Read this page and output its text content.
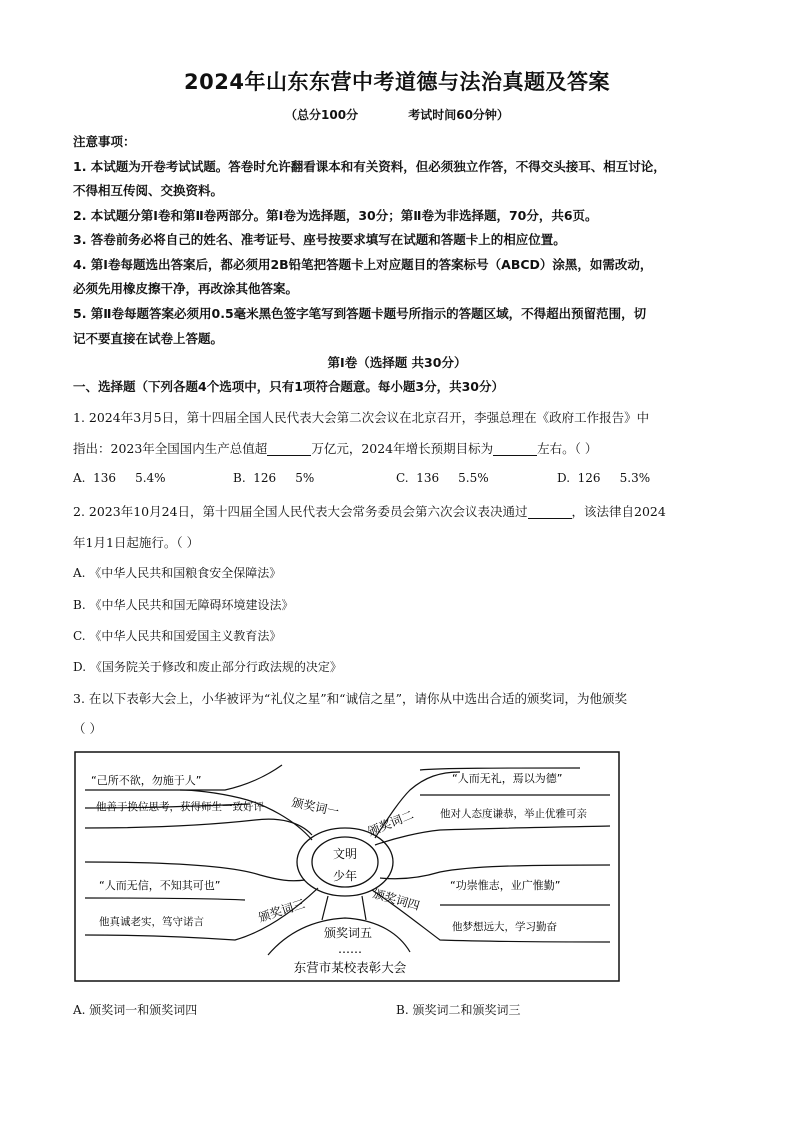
2024年山东东营中考道德与法治真题及答案
（总分100分            考试时间60分钟）
注意事项：
1. 本试题为开卷考试试题。答卷时允许翻看课本和有关资料，但必须独立作答，不得交头接耳、相互讨论，
不得相互传阅、交换资料。
2. 本试题分第Ⅰ卷和第Ⅱ卷两部分。第Ⅰ卷为选择题，30分；第Ⅱ卷为非选择题，70分，共6页。
3. 答卷前务必将自己的姓名、准考证号、座号按要求填写在试题和答题卡上的相应位置。
4. 第Ⅰ卷每题选出答案后，都必须用2B铅笔把答题卡上对应题目的答案标号（ABCD）涂黑，如需改动，
必须先用橡皮擦干净，再改涂其他答案。
5. 第Ⅱ卷每题答案必须用0.5毫米黑色签字笔写到答题卡题号所指示的答题区域，不得超出预留范围，切
记不要直接在试卷上答题。
第Ⅰ卷（选择题 共30分）
一、选择题（下列各题4个选项中，只有1项符合题意。每小题3分，共30分）
1. 2024年3月5日，第十四届全国人民代表大会第二次会议在北京召开，李强总理在《政府工作报告》中
指出：2023年全国国内生产总值超	万亿元，2024年增长预期目标为	左右。（ ）
A.  136     5.4%	B.  126     5%	C.  136     5.5%	D.  126     5.3%
2. 2023年10月24日，第十四届全国人民代表大会常务委员会第六次会议表决通过	，该法律自2024
年1月1日起施行。（ ）
A. 《中华人民共和国粮食安全保障法》
B. 《中华人民共和国无障碍环境建设法》
C. 《中华人民共和国爱国主义教育法》
D. 《国务院关于修改和废止部分行政法规的决定》
3. 在以下表彰大会上，小华被评为“礼仪之星”和“诚信之星”，请你从中选出合适的颁奖词，为他颁奖
（ ）
文明
少年
“己所不欲，勿施于人”
他善于换位思考，获得师生一致好评 颁奖词一
“人而无礼，焉以为德”
他对人态度谦恭，举止优雅可亲
颁奖词二
“人而无信，不知其可也”
他真诚老实，笃守诺言	颁奖词三
“功崇惟志，业广惟勤”
他梦想远大，学习勤奋
颁奖词四
颁奖词五
……
东营市某校表彰大会
A. 颁奖词一和颁奖词四	B. 颁奖词二和颁奖词三
